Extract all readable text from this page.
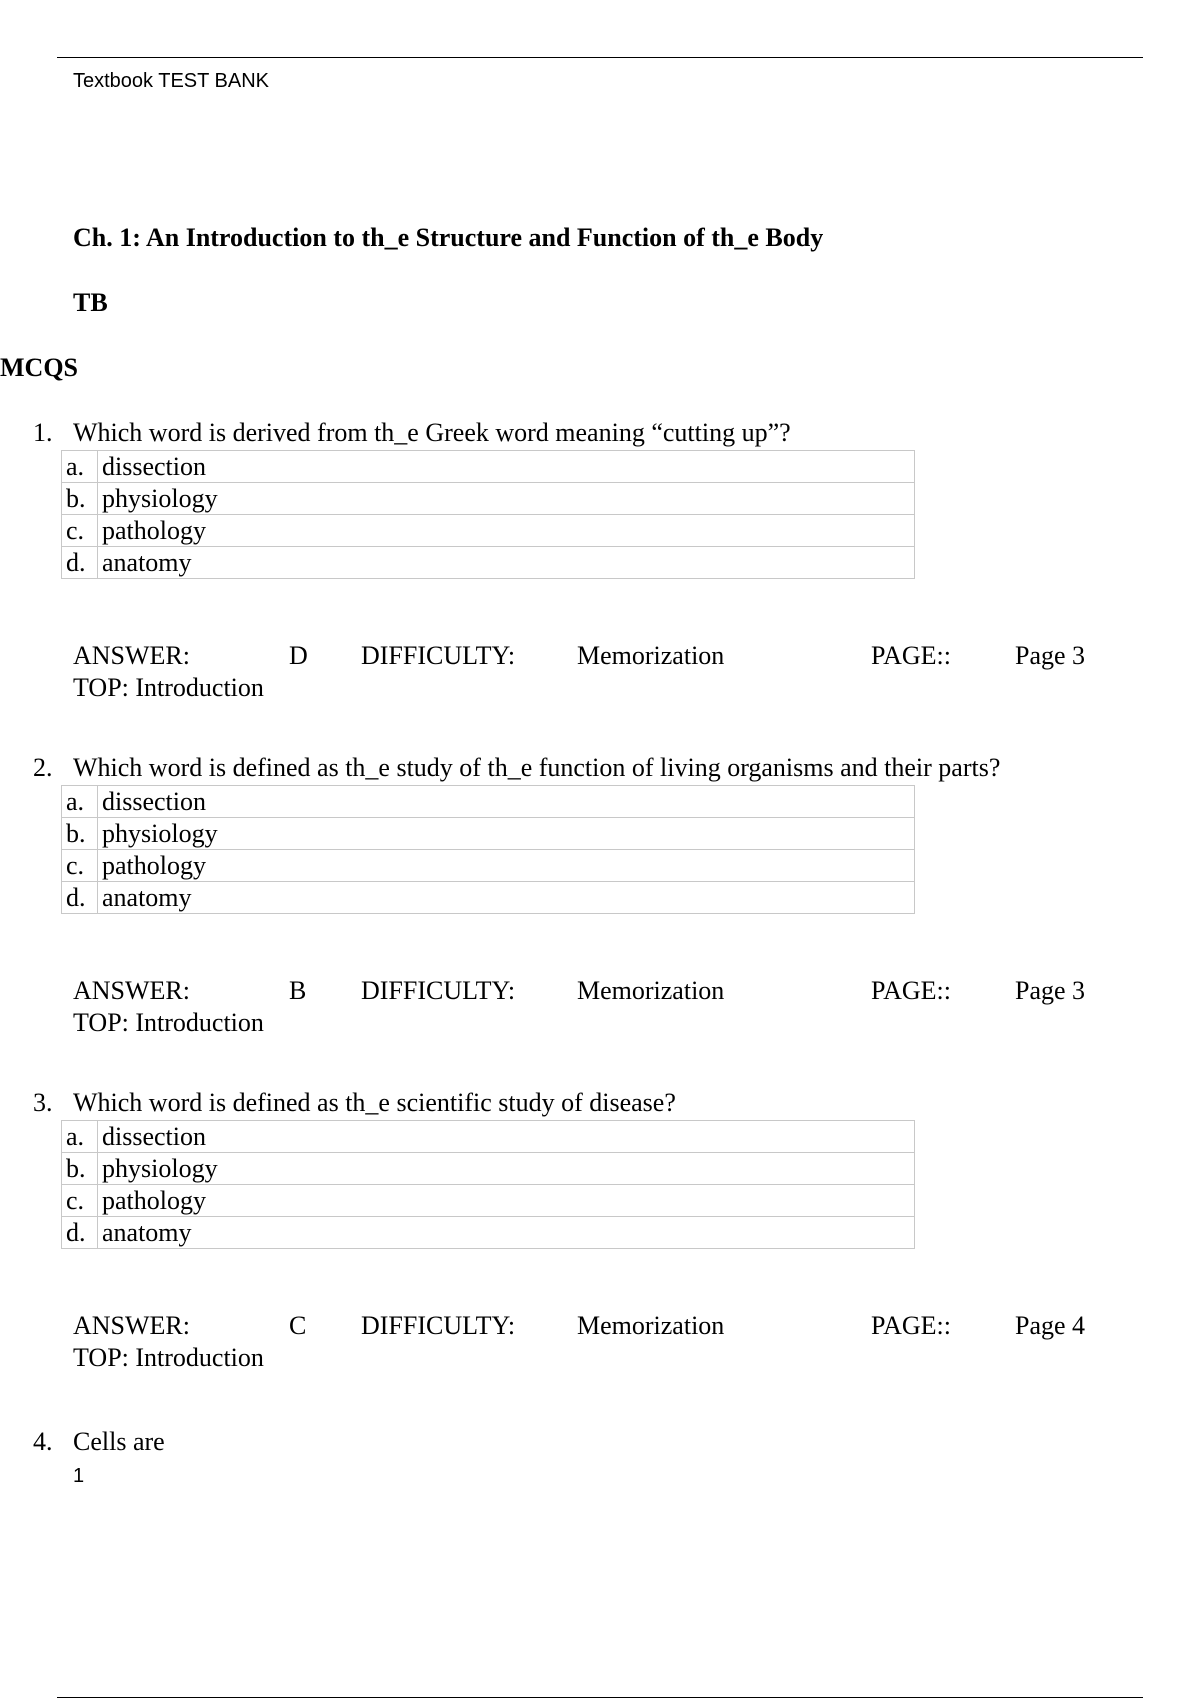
Textbook TEST BANK
Ch. 1: An Introduction to th_e Structure and Function of th_e Body
TB
MCQS
1. Which word is derived from th_e Greek word meaning “cutting up”?
a.	dissection
b.	physiology
c.	pathology
d.	anatomy
ANSWER:	D DIFFICULTY: Memorization	PAGE:: Page 3
TOP: Introduction
2. Which word is defined as th_e study of th_e function of living organisms and their parts?
a.	dissection
b.	physiology
c.	pathology
d.	anatomy
ANSWER:	B DIFFICULTY: Memorization	PAGE:: Page 3
TOP: Introduction
3. Which word is defined as th_e scientific study of disease?
a.	dissection
b.	physiology
c.	pathology
d.	anatomy
ANSWER:	C DIFFICULTY: Memorization	PAGE:: Page 4
TOP: Introduction
4. Cells are
1
